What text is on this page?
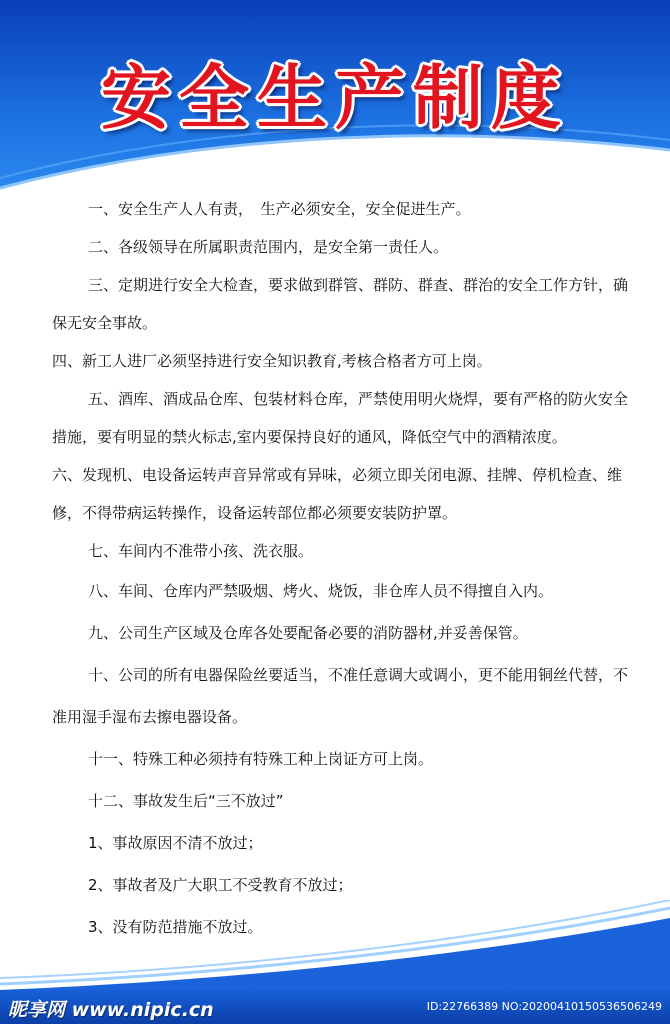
安全生产制度

一、安全生产人人有责，　生产必须安全，安全促进生产。

二、各级领导在所属职责范围内，是安全第一责任人。

三、定期进行安全大检查，要求做到群管、群防、群查、群治的安全工作方针，确保无安全事故。

四、新工人进厂必须坚持进行安全知识教育,考核合格者方可上岗。

五、酒库、酒成品仓库、包装材料仓库，严禁使用明火烧焊，要有严格的防火安全措施，要有明显的禁火标志,室内要保持良好的通风，降低空气中的酒精浓度。

六、发现机、电设备运转声音异常或有异味，必须立即关闭电源、挂牌、停机检查、维修，不得带病运转操作，设备运转部位都必须要安装防护罩。

七、车间内不准带小孩、洗衣服。

八、车间、仓库内严禁吸烟、烤火、烧饭，非仓库人员不得擅自入内。

九、公司生产区域及仓库各处要配备必要的消防器材,并妥善保管。

十、公司的所有电器保险丝要适当，不准任意调大或调小，更不能用铜丝代替，不准用湿手湿布去擦电器设备。

十一、特殊工种必须持有特殊工种上岗证方可上岗。

十二、事故发生后“三不放过”

1、事故原因不清不放过；

2、事故者及广大职工不受教育不放过；

3、没有防范措施不放过。

昵享网 www.nipic.cn	ID:22766389 NO:20200410150536506249
